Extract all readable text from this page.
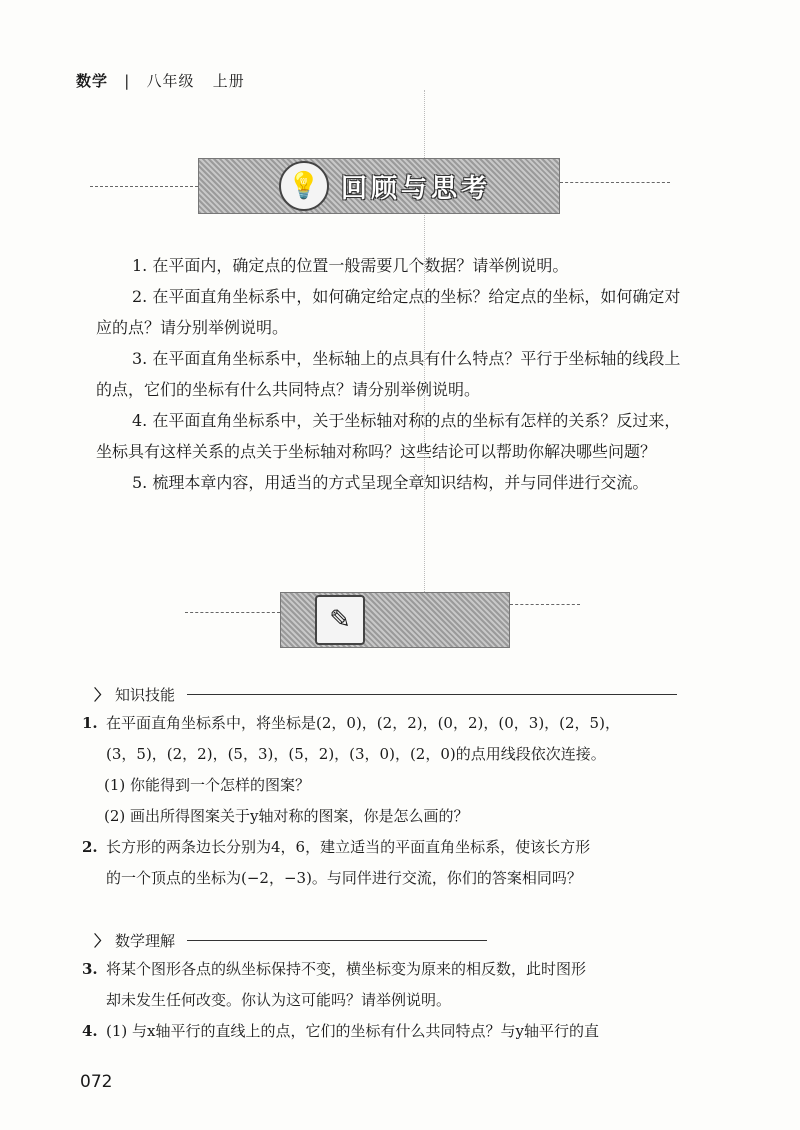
数学 | 八年级 上册
💡 回顾与思考

1. 在平面内，确定点的位置一般需要几个数据？请举例说明。

2. 在平面直角坐标系中，如何确定给定点的坐标？给定点的坐标，如何确定对应的点？请分别举例说明。

3. 在平面直角坐标系中，坐标轴上的点具有什么特点？平行于坐标轴的线段上的点，它们的坐标有什么共同特点？请分别举例说明。

4. 在平面直角坐标系中，关于坐标轴对称的点的坐标有怎样的关系？反过来，坐标具有这样关系的点关于坐标轴对称吗？这些结论可以帮助你解决哪些问题？

5. 梳理本章内容，用适当的方式呈现全章知识结构，并与同伴进行交流。

✎
〉 知识技能
1. 在平面直角坐标系中，将坐标是(2，0)，(2，2)，(0，2)，(0，3)，(2，5)，
(3，5)，(2，2)，(5，3)，(5，2)，(3，0)，(2，0)的点用线段依次连接。
(1) 你能得到一个怎样的图案？
(2) 画出所得图案关于y轴对称的图案，你是怎么画的？
2. 长方形的两条边长分别为4，6，建立适当的平面直角坐标系，使该长方形
的一个顶点的坐标为(−2，−3)。与同伴进行交流，你们的答案相同吗？
〉 数学理解
3. 将某个图形各点的纵坐标保持不变，横坐标变为原来的相反数，此时图形
却未发生任何改变。你认为这可能吗？请举例说明。
4. (1) 与x轴平行的直线上的点，它们的坐标有什么共同特点？与y轴平行的直
072
